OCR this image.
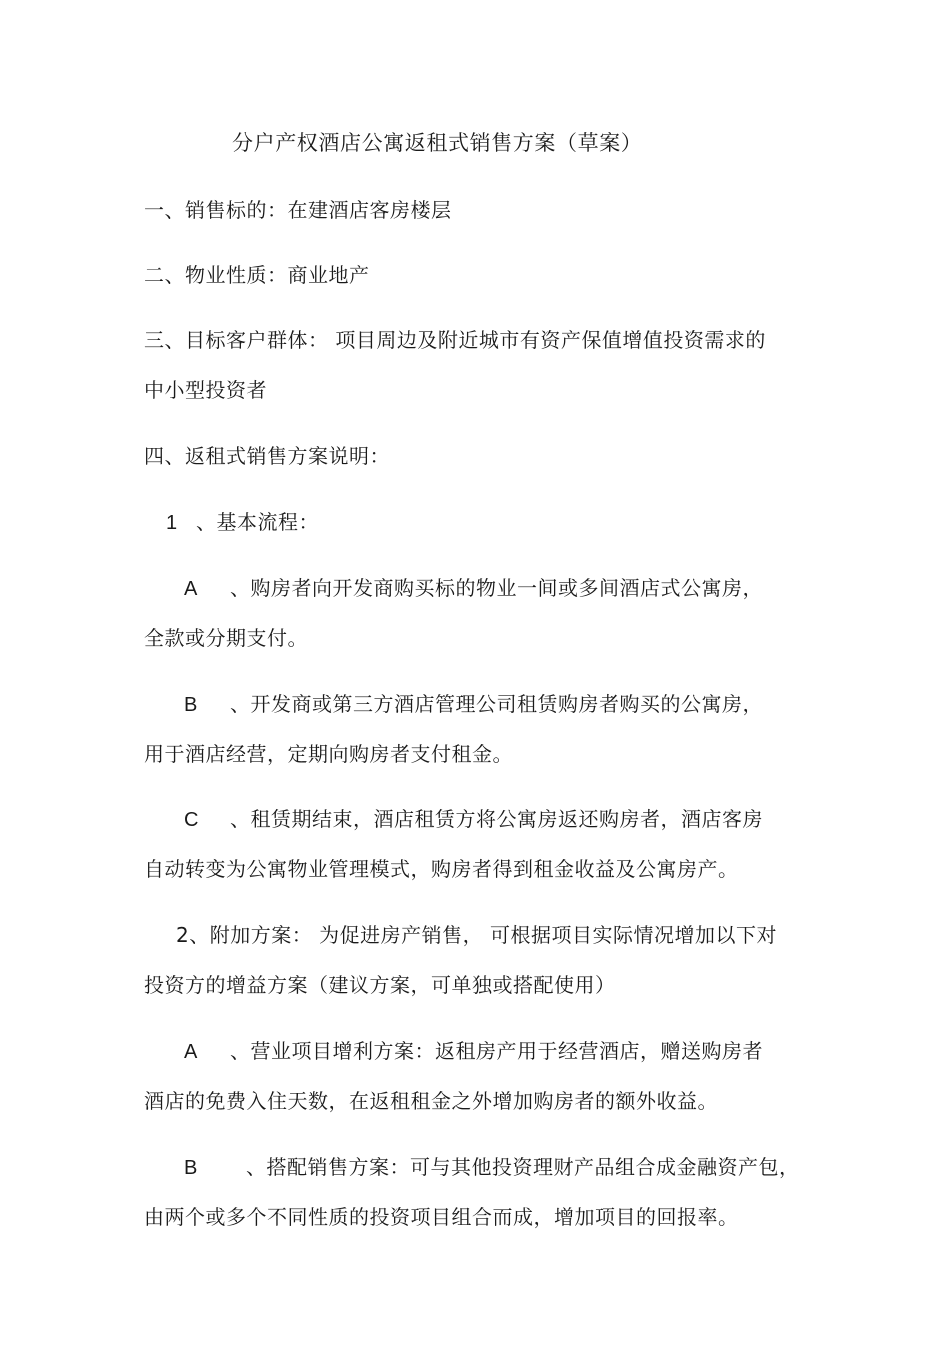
分户产权酒店公寓返租式销售方案（草案）
一、销售标的：在建酒店客房楼层
二、物业性质：商业地产
三、目标客户群体： 项目周边及附近城市有资产保值增值投资需求的
中小型投资者
四、返租式销售方案说明：
1 、基本流程：
A 、购房者向开发商购买标的物业一间或多间酒店式公寓房，
全款或分期支付。
B 、开发商或第三方酒店管理公司租赁购房者购买的公寓房，
用于酒店经营，定期向购房者支付租金。
C 、租赁期结束，酒店租赁方将公寓房返还购房者，酒店客房
自动转变为公寓物业管理模式，购房者得到租金收益及公寓房产。
2、附加方案： 为促进房产销售， 可根据项目实际情况增加以下对
投资方的增益方案（建议方案，可单独或搭配使用）
A 、营业项目增利方案：返租房产用于经营酒店，赠送购房者
酒店的免费入住天数，在返租租金之外增加购房者的额外收益。
B 、搭配销售方案：可与其他投资理财产品组合成金融资产包，
由两个或多个不同性质的投资项目组合而成，增加项目的回报率。
